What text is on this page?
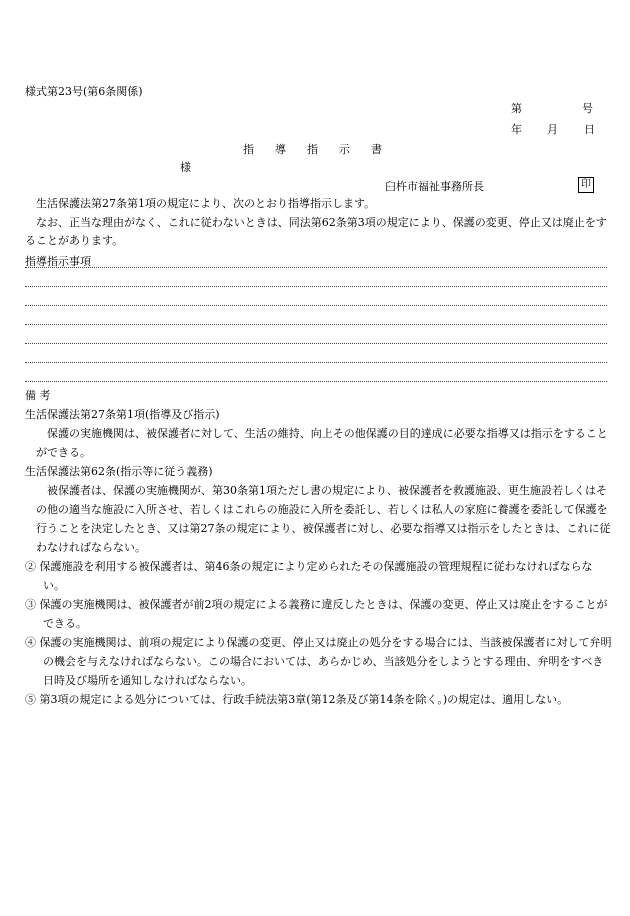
様式第23号(第6条関係)
第	号
年 月 日
指導指示書
様
臼杵市福祉事務所長	印
生活保護法第27条第1項の規定により、次のとおり指導指示します。
なお、正当な理由がなく、これに従わないときは、同法第62条第3項の規定により、保護の変更、停止又は廃止をすることがあります。
指導指示事項

備 考

生活保護法第27条第1項(指導及び指示)

保護の実施機関は、被保護者に対して、生活の維持、向上その他保護の目的達成に必要な指導又は指示をすることができる。

生活保護法第62条(指示等に従う義務)

被保護者は、保護の実施機関が、第30条第1項ただし書の規定により、被保護者を救護施設、更生施設若しくはその他の適当な施設に入所させ、若しくはこれらの施設に入所を委託し、若しくは私人の家庭に養護を委託して保護を行うことを決定したとき、又は第27条の規定により、被保護者に対し、必要な指導又は指示をしたときは、これに従わなければならない。

② 保護施設を利用する被保護者は、第46条の規定により定められたその保護施設の管理規程に従わなければならない。

③ 保護の実施機関は、被保護者が前2項の規定による義務に違反したときは、保護の変更、停止又は廃止をすることができる。

④ 保護の実施機関は、前項の規定により保護の変更、停止又は廃止の処分をする場合には、当該被保護者に対して弁明の機会を与えなければならない。この場合においては、あらかじめ、当該処分をしようとする理由、弁明をすべき日時及び場所を通知しなければならない。

⑤ 第3項の規定による処分については、行政手続法第3章(第12条及び第14条を除く。)の規定は、適用しない。
